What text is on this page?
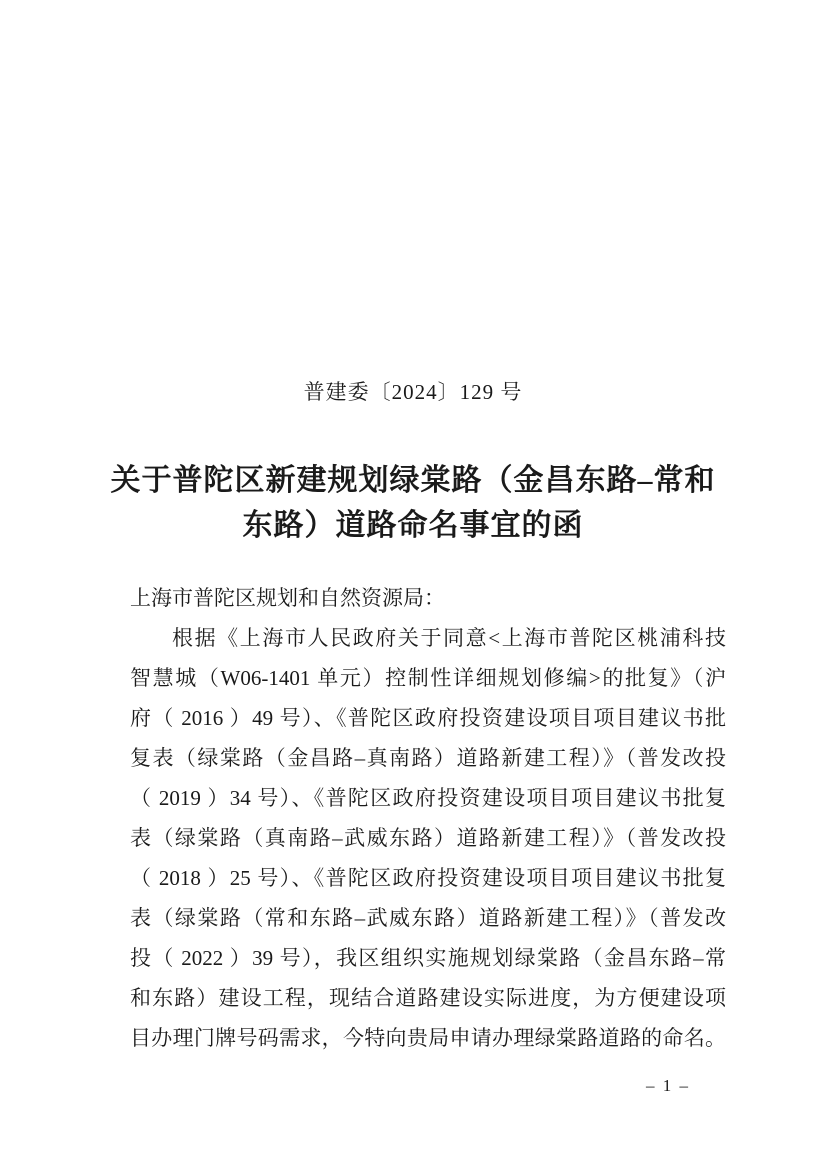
普建委〔2024〕129 号
关于普陀区新建规划绿棠路（金昌东路–常和
东路）道路命名事宜的函
上海市普陀区规划和自然资源局：
根据《上海市人民政府关于同意<上海市普陀区桃浦科技
智慧城（W06-1401 单元）控制性详细规划修编>的批复》（沪
府（ 2016 ）49 号）、《普陀区政府投资建设项目项目建议书批
复表（绿棠路（金昌路–真南路）道路新建工程）》（普发改投
（ 2019 ）34 号）、《普陀区政府投资建设项目项目建议书批复
表（绿棠路（真南路–武威东路）道路新建工程）》（普发改投
（ 2018 ）25 号）、《普陀区政府投资建设项目项目建议书批复
表（绿棠路（常和东路–武威东路）道路新建工程）》（普发改
投（ 2022 ）39 号），我区组织实施规划绿棠路（金昌东路–常
和东路）建设工程，现结合道路建设实际进度，为方便建设项
目办理门牌号码需求，今特向贵局申请办理绿棠路道路的命名。
– 1 –
